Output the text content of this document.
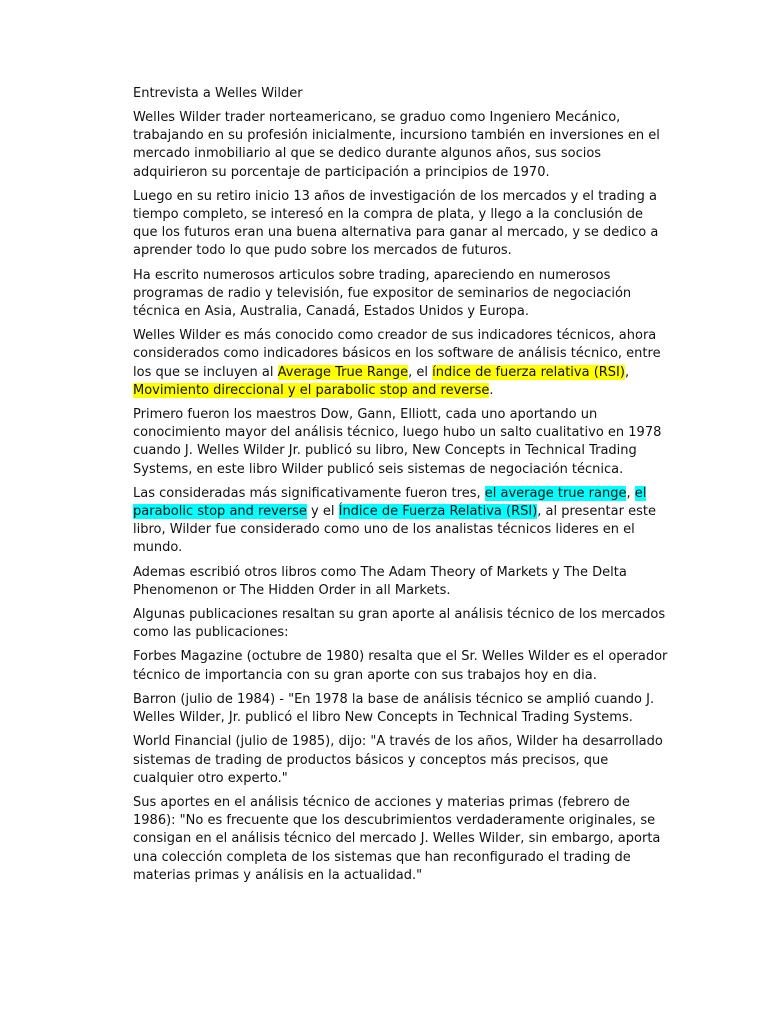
Entrevista a Welles Wilder

Welles Wilder trader norteamericano, se graduo como Ingeniero Mecánico, trabajando en su profesión inicialmente, incursiono también en inversiones en el mercado inmobiliario al que se dedico durante algunos años, sus socios adquirieron su porcentaje de participación a principios de 1970.

Luego en su retiro inicio 13 años de investigación de los mercados y el trading a tiempo completo, se interesó en la compra de plata, y llego a la conclusión de que los futuros eran una buena alternativa para ganar al mercado, y se dedico a aprender todo lo que pudo sobre los mercados de futuros.

Ha escrito numerosos articulos sobre trading, apareciendo en numerosos programas de radio y televisión, fue expositor de seminarios de negociación técnica en Asia, Australia, Canadá, Estados Unidos y Europa.

Welles Wilder es más conocido como creador de sus indicadores técnicos, ahora considerados como indicadores básicos en los software de análisis técnico, entre los que se incluyen al Average True Range, el índice de fuerza relativa (RSI), Movimiento direccional y el parabolic stop and reverse.

Primero fueron los maestros Dow, Gann, Elliott, cada uno aportando un conocimiento mayor del análisis técnico, luego hubo un salto cualitativo en 1978 cuando J. Welles Wilder Jr. publicó su libro, New Concepts in Technical Trading Systems, en este libro Wilder publicó seis sistemas de negociación técnica.

Las consideradas más significativamente fueron tres, el average true range, el parabolic stop and reverse y el Índice de Fuerza Relativa (RSI), al presentar este libro, Wilder fue considerado como uno de los analistas técnicos lideres en el mundo.

Ademas escribió otros libros como The Adam Theory of Markets y The Delta Phenomenon or The Hidden Order in all Markets.

Algunas publicaciones resaltan su gran aporte al análisis técnico de los mercados como las publicaciones:

Forbes Magazine (octubre de 1980) resalta que el Sr. Welles Wilder es el operador técnico de importancia con su gran aporte con sus trabajos hoy en dia.

Barron (julio de 1984) - "En 1978 la base de análisis técnico se amplió cuando J. Welles Wilder, Jr. publicó el libro New Concepts in Technical Trading Systems.

World Financial (julio de 1985), dijo: "A través de los años, Wilder ha desarrollado sistemas de trading de productos básicos y conceptos más precisos, que cualquier otro experto."

Sus aportes en el análisis técnico de acciones y materias primas (febrero de 1986): "No es frecuente que los descubrimientos verdaderamente originales, se consigan en el análisis técnico del mercado J. Welles Wilder, sin embargo, aporta una colección completa de los sistemas que han reconfigurado el trading de materias primas y análisis en la actualidad."
